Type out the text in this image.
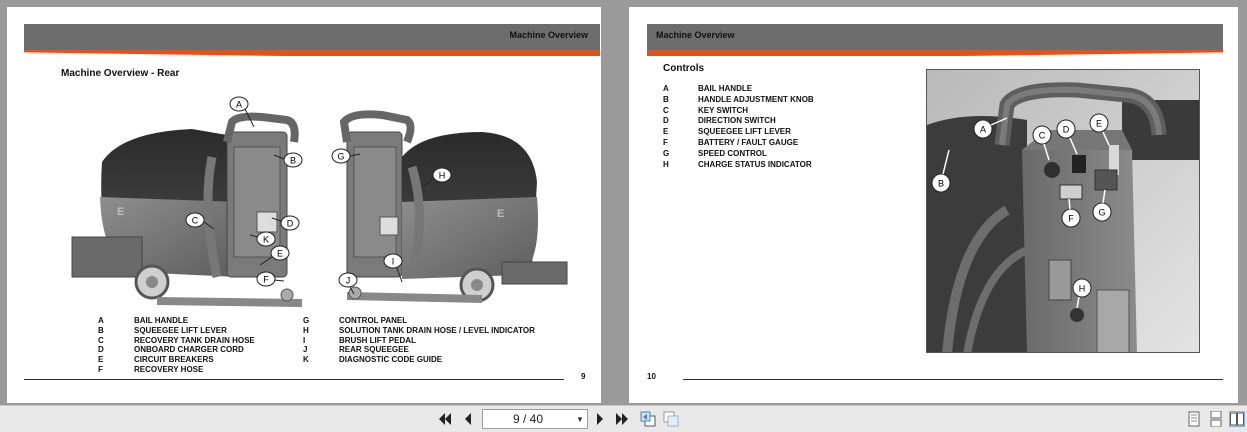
Machine Overview
Machine Overview - Rear
E	E
A
B
C	D
K
E
F
G
H
I
J
A	BAIL HANDLE
B	SQUEEGEE LIFT LEVER
C	RECOVERY TANK DRAIN HOSE
D	ONBOARD CHARGER CORD
E	CIRCUIT BREAKERS
F	RECOVERY HOSE
G	CONTROL PANEL
H	SOLUTION TANK DRAIN HOSE / LEVEL INDICATOR
I	BRUSH LIFT PEDAL
J	REAR SQUEEGEE
K	DIAGNOSTIC CODE GUIDE
9
Machine Overview
Controls
A	BAIL HANDLE
B	HANDLE ADJUSTMENT KNOB
C	KEY SWITCH
D	DIRECTION SWITCH
E	SQUEEGEE LIFT LEVER
F	BATTERY / FAULT GAUGE
G	SPEED CONTROL
H	CHARGE STATUS INDICATOR
A
B
C
D
E
F
G
H
10
9 / 40	▼
